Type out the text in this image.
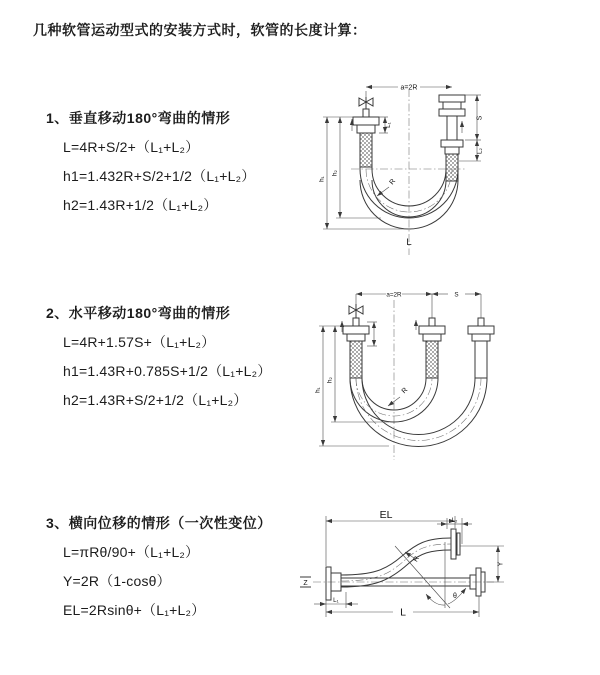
几种软管运动型式的安装方式时，软管的长度计算：
1、垂直移动180°弯曲的情形
L=4R+S/2+（L₁+L₂）
h1=1.432R+S/2+1/2（L₁+L₂）
h2=1.43R+1/2（L₁+L₂）
2、水平移动180°弯曲的情形
L=4R+1.57S+（L₁+L₂）
h1=1.43R+0.785S+1/2（L₁+L₂）
h2=1.43R+S/2+1/2（L₁+L₂）
3、横向位移的情形（一次性变位）
L=πRθ/90+（L₁+L₂）
Y=2R（1-cosθ）
EL=2Rsinθ+（L₁+L₂）
a=2R
L₁
S
L₂
h₁
h₂
R
L
a=2R	S
h₁
h₂
R
EL	L₂
Y
L
L₁
R
θ
Z
